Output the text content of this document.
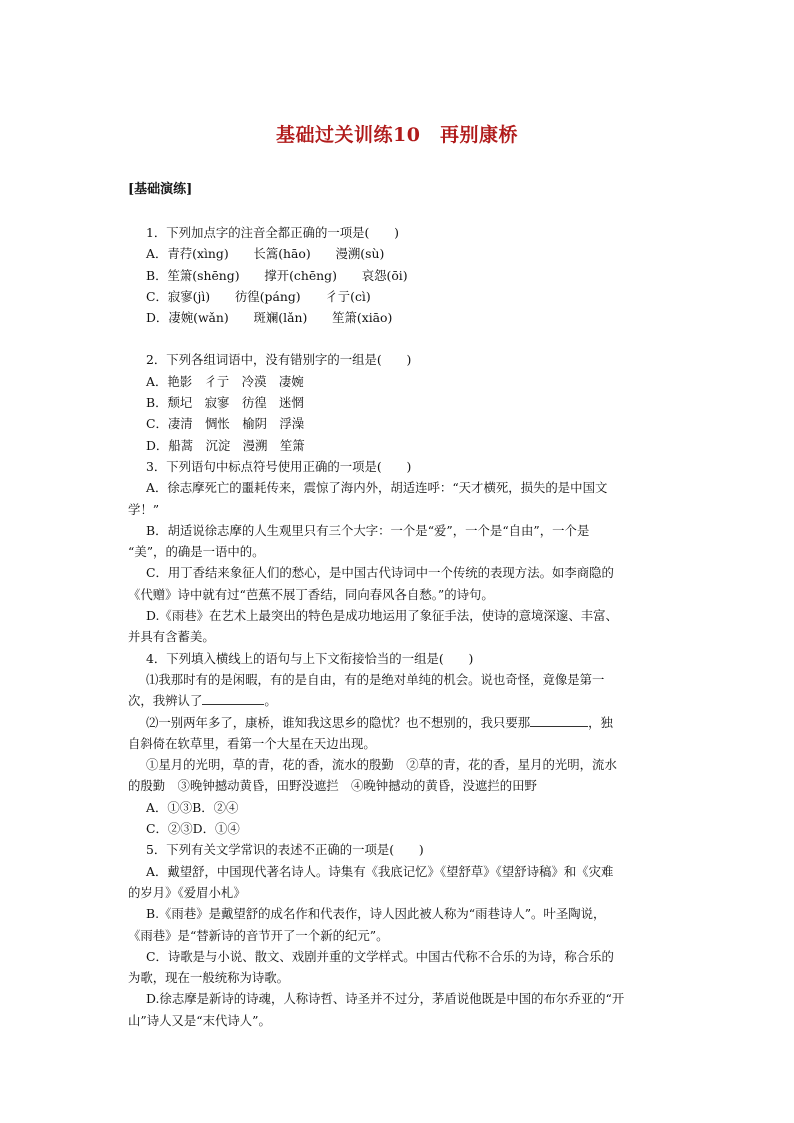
基础过关训练10　再别康桥
[基础演练]
1．下列加点字的注音全都正确的一项是(　　)
A．青荇(xìng)　　长篙(hāo)　　漫溯(sù)
B．笙箫(shēng)　　撑开(chēng)　　哀怨(ōi)
C．寂寥(jì)　　彷徨(páng)　　彳亍(cì)
D．凄婉(wǎn)　　斑斓(lǎn)　　笙箫(xiāo)
2．下列各组词语中，没有错别字的一组是(　　)
A．艳影　彳亍　冷漠　凄婉
B．颓圮　寂寥　彷徨　迷惘
C．凄清　惆怅　榆阴　浮澡
D．船蒿　沉淀　漫溯　笙箫
3．下列语句中标点符号使用正确的一项是(　　)
A．徐志摩死亡的噩耗传来，震惊了海内外，胡适连呼：“天才横死，损失的是中国文
学！”
B．胡适说徐志摩的人生观里只有三个大字：一个是“爱”，一个是“自由”，一个是
“美”，的确是一语中的。
C．用丁香结来象征人们的愁心，是中国古代诗词中一个传统的表现方法。如李商隐的
《代赠》诗中就有过“芭蕉不展丁香结，同向春风各自愁。”的诗句。
D.《雨巷》在艺术上最突出的特色是成功地运用了象征手法，使诗的意境深邃、丰富、
并具有含蓄美。
4．下列填入横线上的语句与上下文衔接恰当的一组是(　　)
⑴我那时有的是闲暇，有的是自由，有的是绝对单纯的机会。说也奇怪，竟像是第一
次，我辨认了	。
⑵一别两年多了，康桥，谁知我这思乡的隐忧？也不想别的，我只要那	，独
自斜倚在软草里，看第一个大星在天边出现。
①星月的光明，草的青，花的香，流水的殷勤　②草的青，花的香，星月的光明，流水
的殷勤　③晚钟撼动黄昏，田野没遮拦　④晚钟撼动的黄昏，没遮拦的田野
A．①③B．②④
C．②③D．①④
5．下列有关文学常识的表述不正确的一项是(　　)
A．戴望舒，中国现代著名诗人。诗集有《我底记忆》《望舒草》《望舒诗稿》和《灾难
的岁月》《爱眉小札》
B.《雨巷》是戴望舒的成名作和代表作，诗人因此被人称为“雨巷诗人”。叶圣陶说，
《雨巷》是“替新诗的音节开了一个新的纪元”。
C．诗歌是与小说、散文、戏剧并重的文学样式。中国古代称不合乐的为诗，称合乐的
为歌，现在一般统称为诗歌。
D.徐志摩是新诗的诗魂，人称诗哲、诗圣并不过分，茅盾说他既是中国的布尔乔亚的“开
山”诗人又是“末代诗人”。
